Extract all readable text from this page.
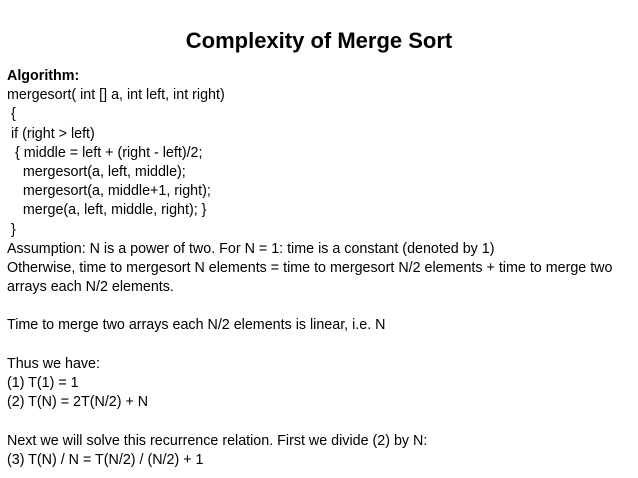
Complexity of Merge Sort
Algorithm:
mergesort( int [] a, int left, int right)
{
if (right > left)
{ middle = left + (right - left)/2;
mergesort(a, left, middle);
mergesort(a, middle+1, right);
merge(a, left, middle, right); }
}
Assumption: N is a power of two. For N = 1: time is a constant (denoted by 1)
Otherwise, time to mergesort N elements = time to mergesort N/2 elements + time to merge two arrays each N/2 elements.
Time to merge two arrays each N/2 elements is linear, i.e. N
Thus we have:
(1) T(1) = 1
(2) T(N) = 2T(N/2) + N
Next we will solve this recurrence relation. First we divide (2) by N:
(3) T(N) / N = T(N/2) / (N/2) + 1
